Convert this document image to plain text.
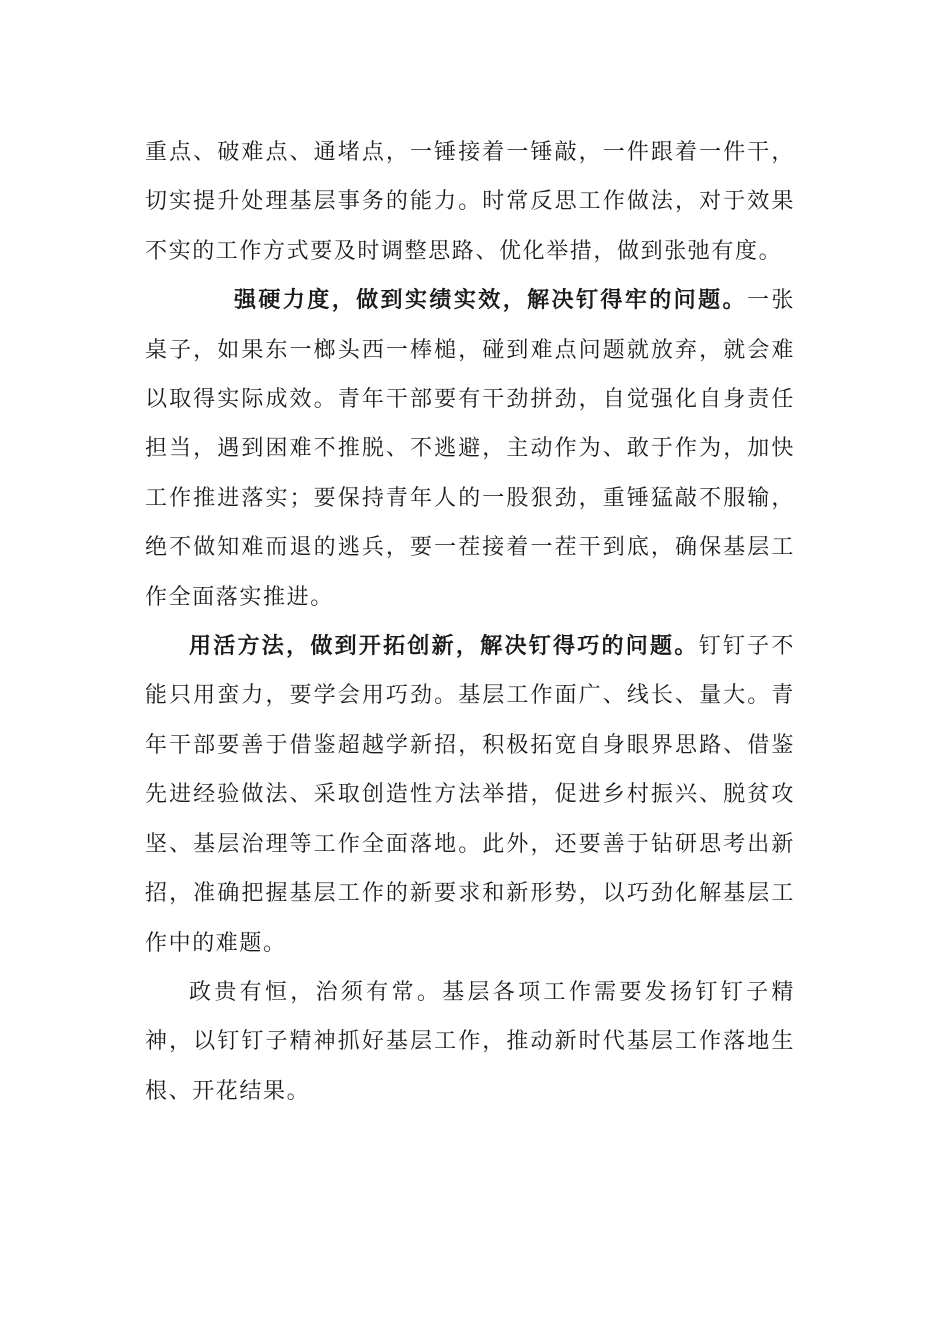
重点、破难点、通堵点，一锤接着一锤敲，一件跟着一件干，切实提升处理基层事务的能力。时常反思工作做法，对于效果不实的工作方式要及时调整思路、优化举措，做到张弛有度。

强硬力度，做到实绩实效，解决钉得牢的问题。一张桌子，如果东一榔头西一棒槌，碰到难点问题就放弃，就会难以取得实际成效。青年干部要有干劲拼劲，自觉强化自身责任担当，遇到困难不推脱、不逃避，主动作为、敢于作为，加快工作推进落实；要保持青年人的一股狠劲，重锤猛敲不服输，绝不做知难而退的逃兵，要一茬接着一茬干到底，确保基层工作全面落实推进。

用活方法，做到开拓创新，解决钉得巧的问题。钉钉子不能只用蛮力，要学会用巧劲。基层工作面广、线长、量大。青年干部要善于借鉴超越学新招，积极拓宽自身眼界思路、借鉴先进经验做法、采取创造性方法举措，促进乡村振兴、脱贫攻坚、基层治理等工作全面落地。此外，还要善于钻研思考出新招，准确把握基层工作的新要求和新形势，以巧劲化解基层工作中的难题。

政贵有恒，治须有常。基层各项工作需要发扬钉钉子精神，以钉钉子精神抓好基层工作，推动新时代基层工作落地生根、开花结果。
